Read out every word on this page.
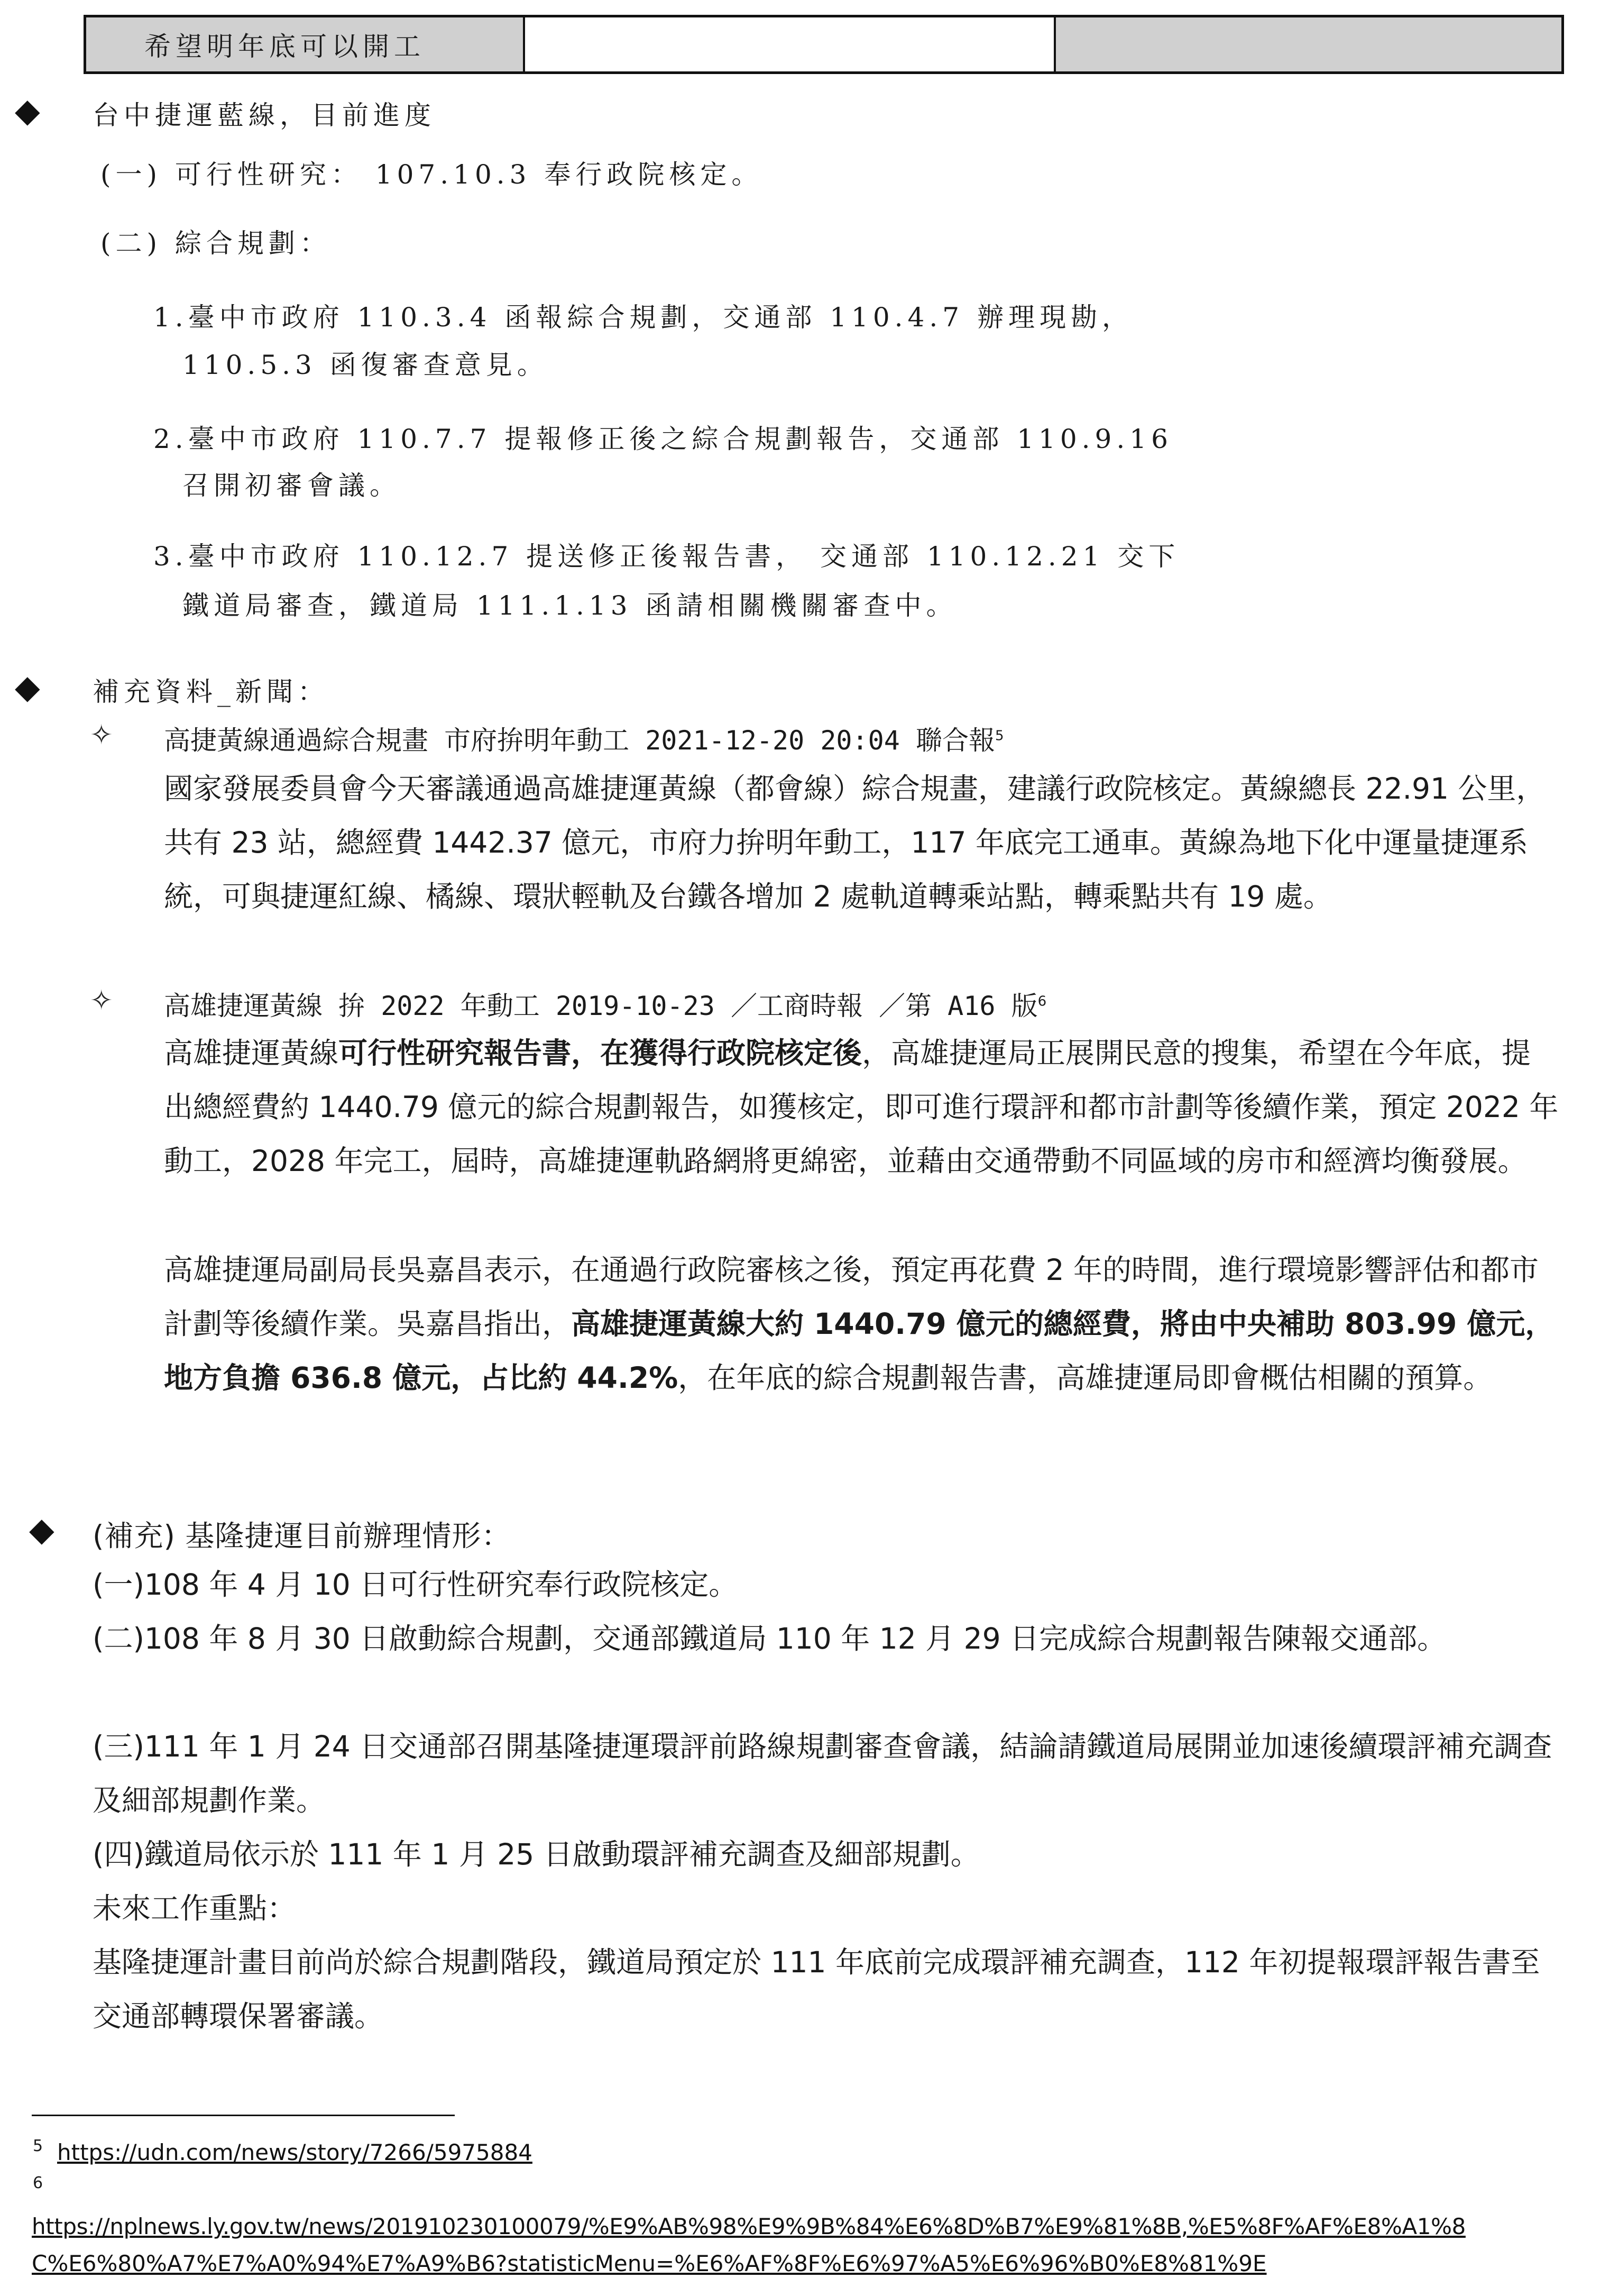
希望明年底可以開工
◆ 台中捷運藍線，目前進度
(一) 可行性研究： 107.10.3 奉行政院核定。
(二) 綜合規劃：
1.臺中市政府 110.3.4 函報綜合規劃，交通部 110.4.7 辦理現勘，
110.5.3 函復審查意見。
2.臺中市政府 110.7.7 提報修正後之綜合規劃報告，交通部 110.9.16
召開初審會議。
3.臺中市政府 110.12.7 提送修正後報告書， 交通部 110.12.21 交下
鐵道局審查，鐵道局 111.1.13 函請相關機關審查中。
◆ 補充資料_新聞：
✧ 高捷黃線通過綜合規畫 市府拚明年動工 2021-12-20 20:04 聯合報$^5$
國家發展委員會今天審議通過高雄捷運黃線（都會線）綜合規畫，建議行政院核定。黃線總長 22.91 公里，共有 23 站，總經費 1442.37 億元，市府力拚明年動工，117 年底完工通車。黃線為地下化中運量捷運系統，可與捷運紅線、橘線、環狀輕軌及台鐵各增加 2 處軌道轉乘站點，轉乘點共有 19 處。
✧ 高雄捷運黃線 拚 2022 年動工 2019-10-23 ／工商時報 ／第 A16 版$^6$
高雄捷運黃線可行性研究報告書，在獲得行政院核定後，高雄捷運局正展開民意的搜集，希望在今年底，提出總經費約 1440.79 億元的綜合規劃報告，如獲核定，即可進行環評和都市計劃等後續作業，預定 2022 年動工，2028 年完工，屆時，高雄捷運軌路網將更綿密，並藉由交通帶動不同區域的房市和經濟均衡發展。
高雄捷運局副局長吳嘉昌表示，在通過行政院審核之後，預定再花費 2 年的時間，進行環境影響評估和都市計劃等後續作業。吳嘉昌指出，高雄捷運黃線大約 1440.79 億元的總經費，將由中央補助 803.99 億元，地方負擔 636.8 億元，占比約 44.2%，在年底的綜合規劃報告書，高雄捷運局即會概估相關的預算。
◆ (補充) 基隆捷運目前辦理情形：
(一)108 年 4 月 10 日可行性研究奉行政院核定。
(二)108 年 8 月 30 日啟動綜合規劃，交通部鐵道局 110 年 12 月 29 日完成綜合規劃報告陳報交通部。
(三)111 年 1 月 24 日交通部召開基隆捷運環評前路線規劃審查會議，結論請鐵道局展開並加速後續環評補充調查及細部規劃作業。
(四)鐵道局依示於 111 年 1 月 25 日啟動環評補充調查及細部規劃。
未來工作重點：
基隆捷運計畫目前尚於綜合規劃階段，鐵道局預定於 111 年底前完成環評補充調查，112 年初提報環評報告書至交通部轉環保署審議。
5 https://udn.com/news/story/7266/5975884
6
https://nplnews.ly.gov.tw/news/201910230100079/%E9%AB%98%E9%9B%84%E6%8D%B7%E9%81%8B,%E5%8F%AF%E8%A1%8
C%E6%80%A7%E7%A0%94%E7%A9%B6?statisticMenu=%E6%AF%8F%E6%97%A5%E6%96%B0%E8%81%9E
